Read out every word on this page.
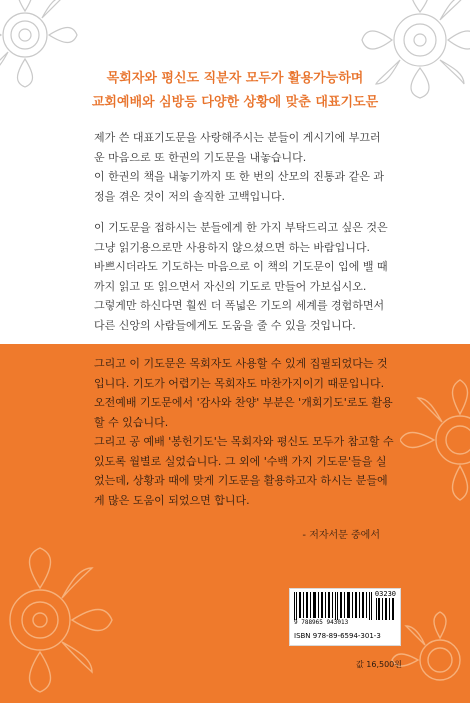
목회자와 평신도 직분자 모두가 활용가능하며
교회예배와 심방등 다양한 상황에 맞춘 대표기도문
제가 쓴 대표기도문을 사랑해주시는 분들이 게시기에 부끄러
운 마음으로 또 한권의 기도문을 내놓습니다.
이 한권의 책을 내놓기까지 또 한 번의 산모의 진통과 같은 과
정을 겪은 것이 저의 솔직한 고백입니다.
이 기도문을 접하시는 분들에게 한 가지 부탁드리고 싶은 것은
그냥 읽기용으로만 사용하지 않으셨으면 하는 바람입니다.
바쁘시더라도 기도하는 마음으로 이 책의 기도문이 입에 밸 때
까지 읽고 또 읽으면서 자신의 기도로 만들어 가보십시오.
그렇게만 하신다면 훨씬 더 폭넓은 기도의 세계를 경험하면서
다른 신앙의 사람들에게도 도움을 줄 수 있을 것입니다.
그리고 이 기도문은 목회자도 사용할 수 있게 집필되었다는 것
입니다. 기도가 어렵기는 목회자도 마찬가지이기 때문입니다.
오전예배 기도문에서 '감사와 찬양' 부분은 '개회기도'로도 활용
할 수 있습니다.
그리고 공 예배 '봉헌기도'는 목회자와 평신도 모두가 참고할 수
있도록 월별로 실었습니다. 그 외에 '수백 가지 기도문'들을 실
었는데, 상황과 때에 맞게 기도문을 활용하고자 하시는 분들에
게 많은 도움이 되었으면 합니다.
- 저자서문 중에서
03230
9 788965 943013
ISBN 978-89-6594-301-3
값 16,500원
